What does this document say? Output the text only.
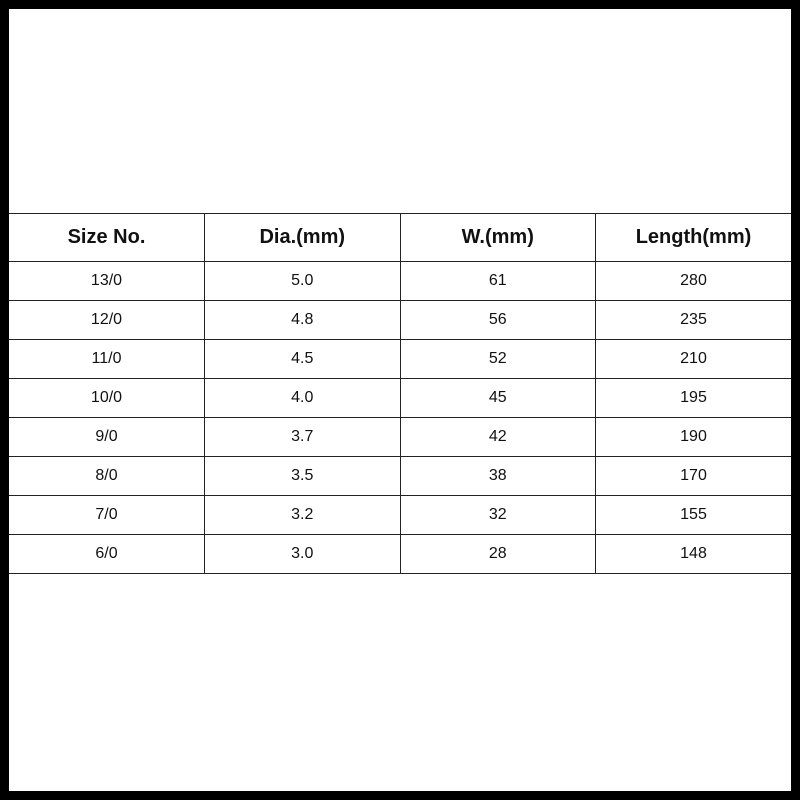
Size No.	Dia.(mm)	W.(mm)	Length(mm)
13/0	5.0	61	280
12/0	4.8	56	235
11/0	4.5	52	210
10/0	4.0	45	195
9/0	3.7	42	190
8/0	3.5	38	170
7/0	3.2	32	155
6/0	3.0	28	148
